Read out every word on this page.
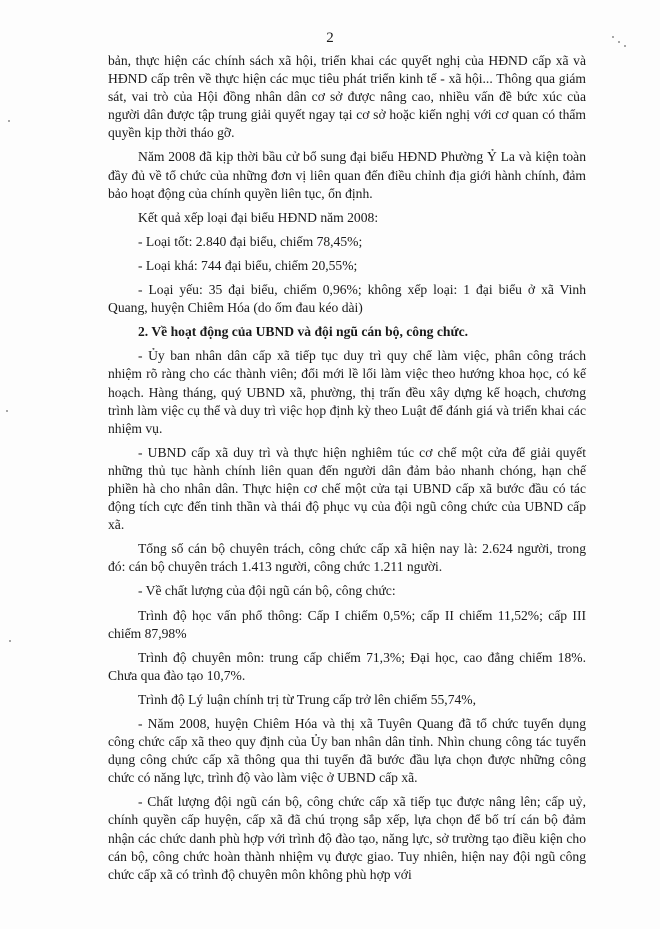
2

bản, thực hiện các chính sách xã hội, triển khai các quyết nghị của HĐND cấp xã và HĐND cấp trên về thực hiện các mục tiêu phát triển kinh tế - xã hội... Thông qua giám sát, vai trò của Hội đồng nhân dân cơ sở được nâng cao, nhiều vấn đề bức xúc của người dân được tập trung giải quyết ngay tại cơ sở hoặc kiến nghị với cơ quan có thẩm quyền kịp thời tháo gỡ.

Năm 2008 đã kịp thời bầu cử bổ sung đại biểu HĐND Phường Ỷ La và kiện toàn đầy đủ về tổ chức của những đơn vị liên quan đến điều chỉnh địa giới hành chính, đảm bảo hoạt động của chính quyền liên tục, ổn định.

Kết quả xếp loại đại biểu HĐND năm 2008:

- Loại tốt: 2.840 đại biểu, chiếm 78,45%;

- Loại khá: 744 đại biểu, chiếm 20,55%;

- Loại yếu: 35 đại biểu, chiếm 0,96%; không xếp loại: 1 đại biểu ở xã Vinh Quang, huyện Chiêm Hóa (do ốm đau kéo dài)

2. Về hoạt động của UBND và đội ngũ cán bộ, công chức.

- Ủy ban nhân dân cấp xã tiếp tục duy trì quy chế làm việc, phân công trách nhiệm rõ ràng cho các thành viên; đổi mới lề lối làm việc theo hướng khoa học, có kế hoạch. Hàng tháng, quý UBND xã, phường, thị trấn đều xây dựng kế hoạch, chương trình làm việc cụ thể và duy trì việc họp định kỳ theo Luật để đánh giá và triển khai các nhiệm vụ.

- UBND cấp xã duy trì và thực hiện nghiêm túc cơ chế một cửa để giải quyết những thủ tục hành chính liên quan đến người dân đảm bảo nhanh chóng, hạn chế phiền hà cho nhân dân. Thực hiện cơ chế một cửa tại UBND cấp xã bước đầu có tác động tích cực đến tinh thần và thái độ phục vụ của đội ngũ công chức của UBND cấp xã.

Tổng số cán bộ chuyên trách, công chức cấp xã hiện nay là: 2.624 người, trong đó: cán bộ chuyên trách 1.413 người, công chức 1.211 người.

- Về chất lượng của đội ngũ cán bộ, công chức:

Trình độ học vấn phổ thông: Cấp I chiếm 0,5%; cấp II chiếm 11,52%; cấp III chiếm 87,98%

Trình độ chuyên môn: trung cấp chiếm 71,3%; Đại học, cao đẳng chiếm 18%. Chưa qua đào tạo 10,7%.

Trình độ Lý luận chính trị từ Trung cấp trở lên chiếm 55,74%,

- Năm 2008, huyện Chiêm Hóa và thị xã Tuyên Quang đã tổ chức tuyển dụng công chức cấp xã theo quy định của Ủy ban nhân dân tỉnh. Nhìn chung công tác tuyển dụng công chức cấp xã thông qua thi tuyển đã bước đầu lựa chọn được những công chức có năng lực, trình độ vào làm việc ở UBND cấp xã.

- Chất lượng đội ngũ cán bộ, công chức cấp xã tiếp tục được nâng lên; cấp uỷ, chính quyền cấp huyện, cấp xã đã chú trọng sắp xếp, lựa chọn để bố trí cán bộ đảm nhận các chức danh phù hợp với trình độ đào tạo, năng lực, sở trường tạo điều kiện cho cán bộ, công chức hoàn thành nhiệm vụ được giao. Tuy nhiên, hiện nay đội ngũ công chức cấp xã có trình độ chuyên môn không phù hợp với
